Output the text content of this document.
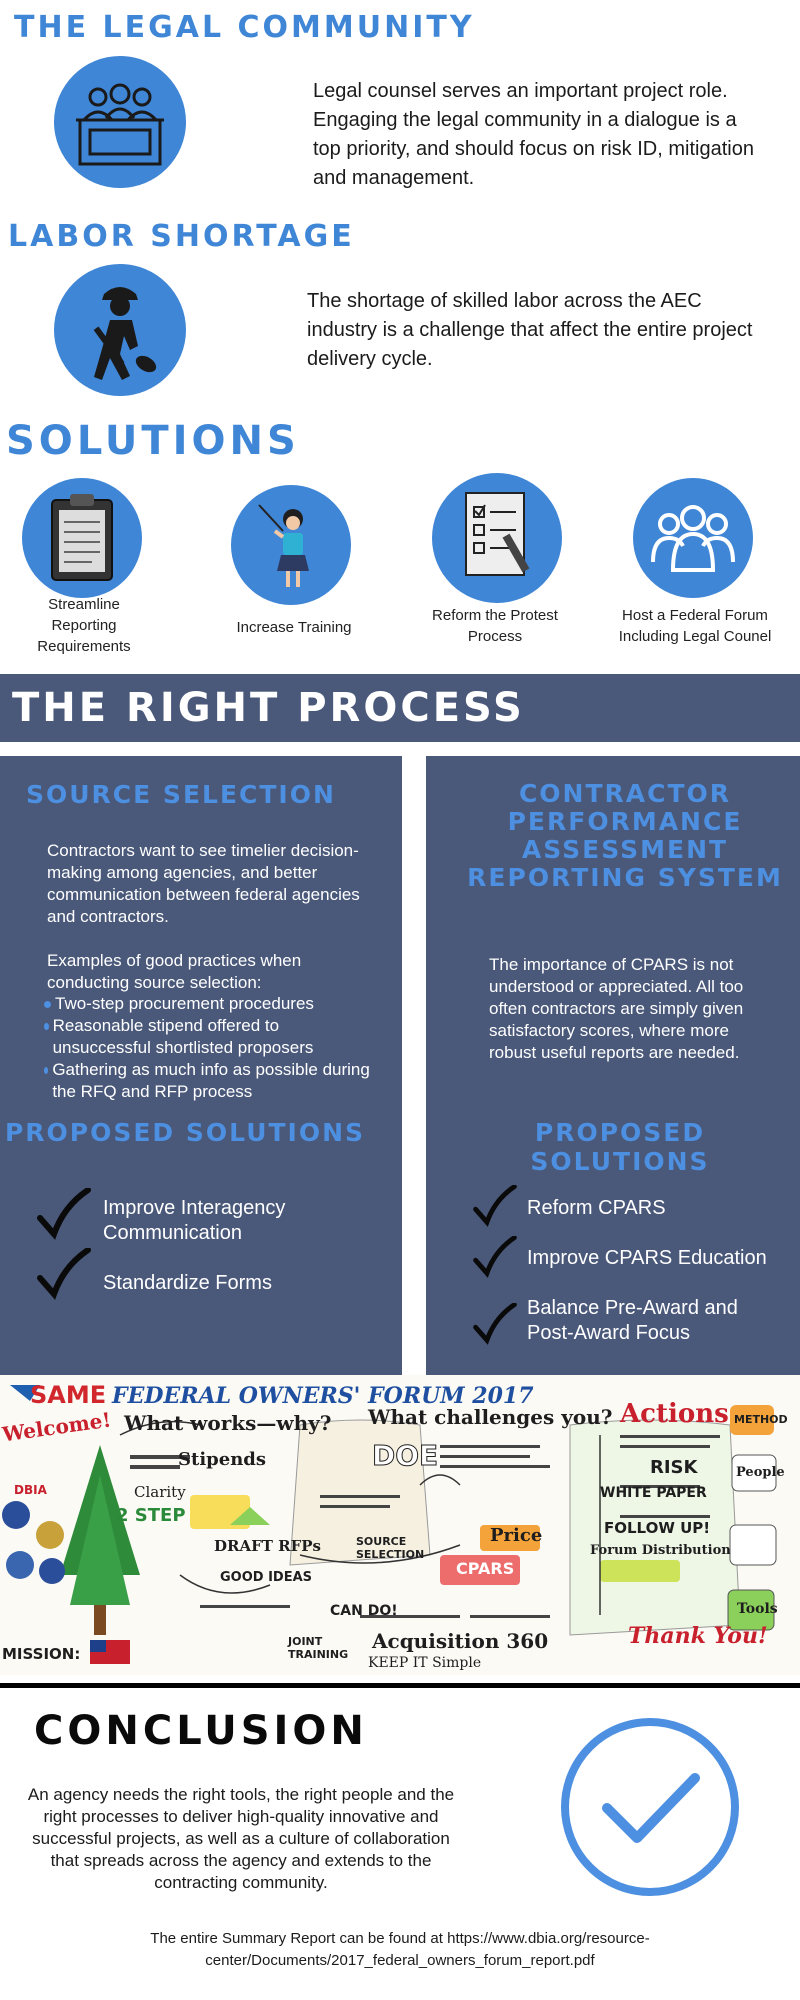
THE LEGAL COMMUNITY
Legal counsel serves an important project role. Engaging the legal community in a dialogue is a top priority, and should focus on risk ID, mitigation and management.
LABOR SHORTAGE
The shortage of skilled labor across the AEC industry is a challenge that affect the entire project delivery cycle.
SOLUTIONS
Streamline Reporting Requirements
Increase Training
Reform the Protest Process
Host a Federal Forum Including Legal Counel
THE RIGHT PROCESS
SOURCE SELECTION
Contractors want to see timelier decision-making among agencies, and better communication between federal agencies and contractors.
Examples of good practices when conducting source selection:
Two-step procurement procedures
Reasonable stipend offered to unsuccessful shortlisted proposers
Gathering as much info as possible during the RFQ and RFP process
PROPOSED SOLUTIONS
Improve Interagency Communication
Standardize Forms
CONTRACTOR PERFORMANCE ASSESSMENT REPORTING SYSTEM
The importance of CPARS is not understood or appreciated. All too often contractors are simply given satisfactory scores, where more robust useful reports are needed.
PROPOSED SOLUTIONS
Reform CPARS
Improve CPARS Education
Balance Pre-Award and Post-Award Focus
SAME FEDERAL OWNERS' FORUM 2017
Welcome! What works—why? What challenges you? Actions
Stipends
Clarity
2 STEP
DRAFT RFPs
GOOD IDEAS
DOE
SOURCE SELECTION
Price
CPARS
RISK
WHITE PAPER
FOLLOW UP!
Forum Distribution
People
METHOD
Tools
CAN DO!
Acquisition 360
KEEP IT Simple
JOINT TRAINING
Thank You!
MISSION:
DBIA
CONCLUSION
An agency needs the right tools, the right people and the right processes to deliver high-quality innovative and successful projects, as well as a culture of collaboration that spreads across the agency and extends to the contracting community.
The entire Summary Report can be found at https://www.dbia.org/resource-center/Documents/2017_federal_owners_forum_report.pdf
